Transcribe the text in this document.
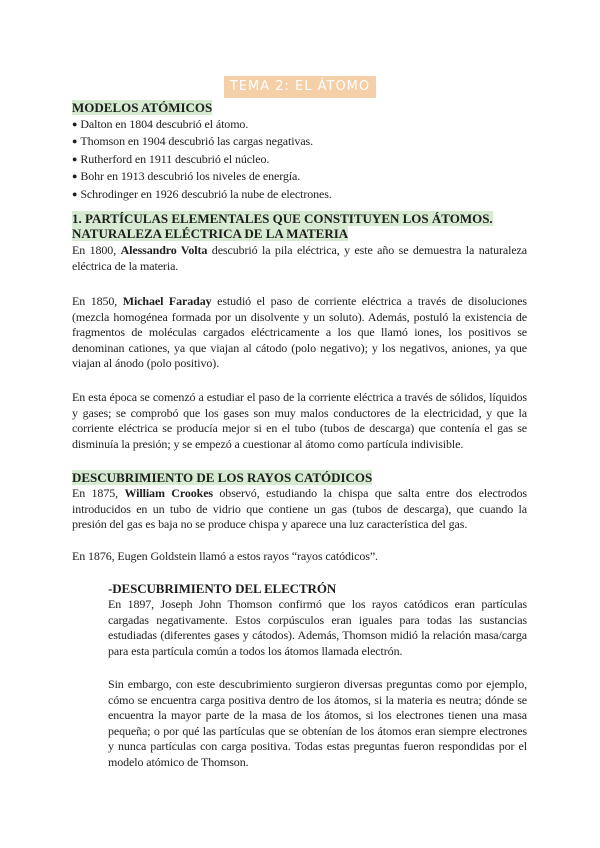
TEMA 2: EL ÁTOMO
MODELOS ATÓMICOS
● Dalton en 1804 descubrió el átomo.
● Thomson en 1904 descubrió las cargas negativas.
● Rutherford en 1911 descubrió el núcleo.
● Bohr en 1913 descubrió los niveles de energía.
● Schrodinger en 1926 descubrió la nube de electrones.
1. PARTÍCULAS ELEMENTALES QUE CONSTITUYEN LOS ÁTOMOS.
NATURALEZA ELÉCTRICA DE LA MATERIA

En 1800, Alessandro Volta descubrió la pila eléctrica, y este año se demuestra la naturaleza eléctrica de la materia.

En 1850, Michael Faraday estudió el paso de corriente eléctrica a través de disoluciones (mezcla homogénea formada por un disolvente y un soluto). Además, postuló la existencia de fragmentos de moléculas cargados eléctricamente a los que llamó iones, los positivos se denominan cationes, ya que viajan al cátodo (polo negativo); y los negativos, aniones, ya que viajan al ánodo (polo positivo).

En esta época se comenzó a estudiar el paso de la corriente eléctrica a través de sólidos, líquidos y gases; se comprobó que los gases son muy malos conductores de la electricidad, y que la corriente eléctrica se producía mejor si en el tubo (tubos de descarga) que contenía el gas se disminuía la presión; y se empezó a cuestionar al átomo como partícula indivisible.

DESCUBRIMIENTO DE LOS RAYOS CATÓDICOS

En 1875, William Crookes observó, estudiando la chispa que salta entre dos electrodos introducidos en un tubo de vidrio que contiene un gas (tubos de descarga), que cuando la presión del gas es baja no se produce chispa y aparece una luz característica del gas.

En 1876, Eugen Goldstein llamó a estos rayos “rayos catódicos”.

-DESCUBRIMIENTO DEL ELECTRÓN

En 1897, Joseph John Thomson confirmó que los rayos catódicos eran partículas cargadas negativamente. Estos corpúsculos eran iguales para todas las sustancias estudiadas (diferentes gases y cátodos). Además, Thomson midió la relación masa/carga para esta partícula común a todos los átomos llamada electrón.

Sin embargo, con este descubrimiento surgieron diversas preguntas como por ejemplo, cómo se encuentra carga positiva dentro de los átomos, si la materia es neutra; dónde se encuentra la mayor parte de la masa de los átomos, si los electrones tienen una masa pequeña; o por qué las partículas que se obtenían de los átomos eran siempre electrones y nunca partículas con carga positiva. Todas estas preguntas fueron respondidas por el modelo atómico de Thomson.
